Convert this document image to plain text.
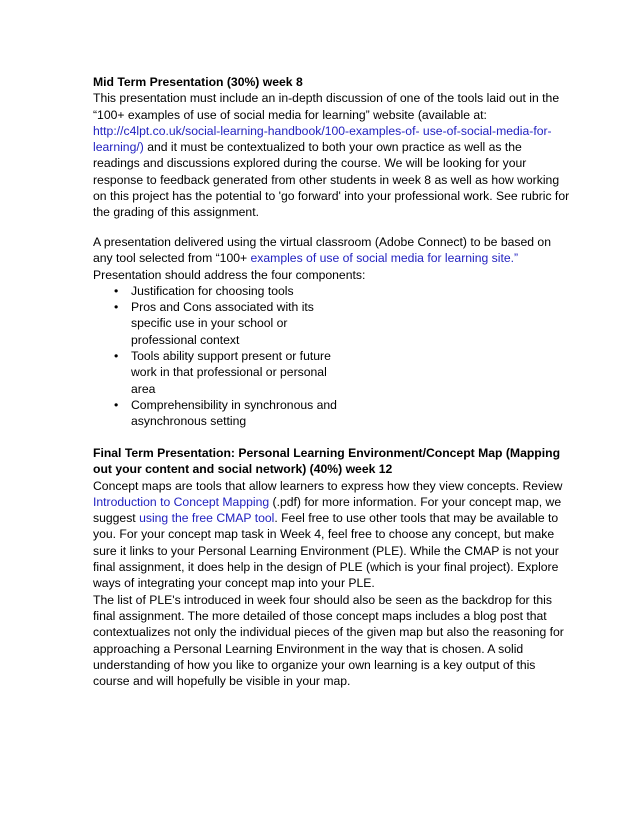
Mid Term Presentation (30%) week 8
This presentation must include an in-depth discussion of one of the tools laid out in the
“100+ examples of use of social media for learning” website (available at:
http://c4lpt.co.uk/social-learning-handbook/100-examples-of- use-of-social-media-for-
learning/) and it must be contextualized to both your own practice as well as the
readings and discussions explored during the course. We will be looking for your
response to feedback generated from other students in week 8 as well as how working
on this project has the potential to 'go forward' into your professional work. See rubric for
the grading of this assignment.
A presentation delivered using the virtual classroom (Adobe Connect) to be based on
any tool selected from “100+ examples of use of social media for learning site.”
Presentation should address the four components:
• Justification for choosing tools
• Pros and Cons associated with its
specific use in your school or
professional context
• Tools ability support present or future
work in that professional or personal
area
• Comprehensibility in synchronous and
asynchronous setting
Final Term Presentation: Personal Learning Environment/Concept Map (Mapping
out your content and social network) (40%) week 12
Concept maps are tools that allow learners to express how they view concepts. Review
Introduction to Concept Mapping (.pdf) for more information. For your concept map, we
suggest using the free CMAP tool. Feel free to use other tools that may be available to
you. For your concept map task in Week 4, feel free to choose any concept, but make
sure it links to your Personal Learning Environment (PLE). While the CMAP is not your
final assignment, it does help in the design of PLE (which is your final project). Explore
ways of integrating your concept map into your PLE.
The list of PLE's introduced in week four should also be seen as the backdrop for this
final assignment. The more detailed of those concept maps includes a blog post that
contextualizes not only the individual pieces of the given map but also the reasoning for
approaching a Personal Learning Environment in the way that is chosen. A solid
understanding of how you like to organize your own learning is a key output of this
course and will hopefully be visible in your map.
